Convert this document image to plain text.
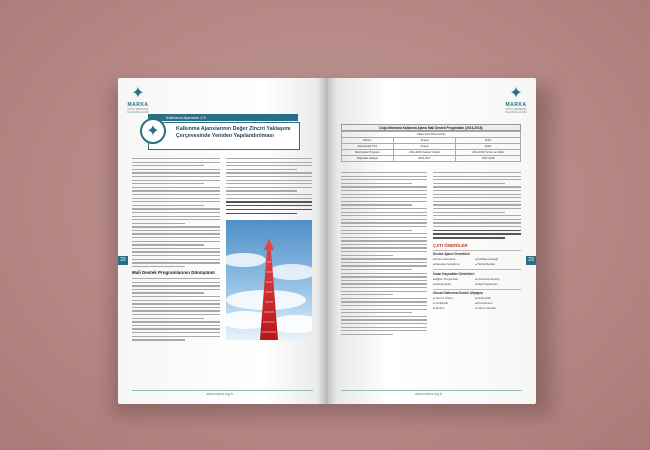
✦
MARKA
DOĞU MARMARA KALKINMA AJANSI
Kalkınma Ajansları 2.0
✦	Kalkınma Ajanslarının Değer Zinciri Yaklaşımı Çerçevesinde Yeniden Yapılandırılması
Mali Destek Programlarının Dönüşümü
22
www.marka.org.tr
✦
MARKA
DOĞU MARMARA KALKINMA AJANSI
Doğu Marmara Kalkınma Ajansı Mali Destek Programları (2016-2018)
Yıllara Göre Dönem/Araç		
Dönem	Sosyal	Kültür
Mali Destek Türü	Sosyal	Kültür
Mali Destek Programı	2014-2016 Kadına Yönelik	2014-2016 Turizm ve Kültür
Doğrudan Faaliyet	2016-2017	2017-2018
ÇATI ÖNERİLER
Destek Ajansı Destekleri
■ Proje Hazırlama	■ Fizibilite Desteği ■ Kapasite Geliştirme	■ Teknik Destek
İnsan Kaynakları Destekleri
■ Eğitim Programları	■ Uzmanlık Desteği ■ Danışmanlık	■ Staj Programları
Ulusal Kalkınma Destek Altyapısı
■ Yatırım Ortamı	■ Girişimcilik ■ Yenilikçilik	■ Kümelenme ■ Tanıtım	■ Yatırım Destek
23
www.marka.org.tr
